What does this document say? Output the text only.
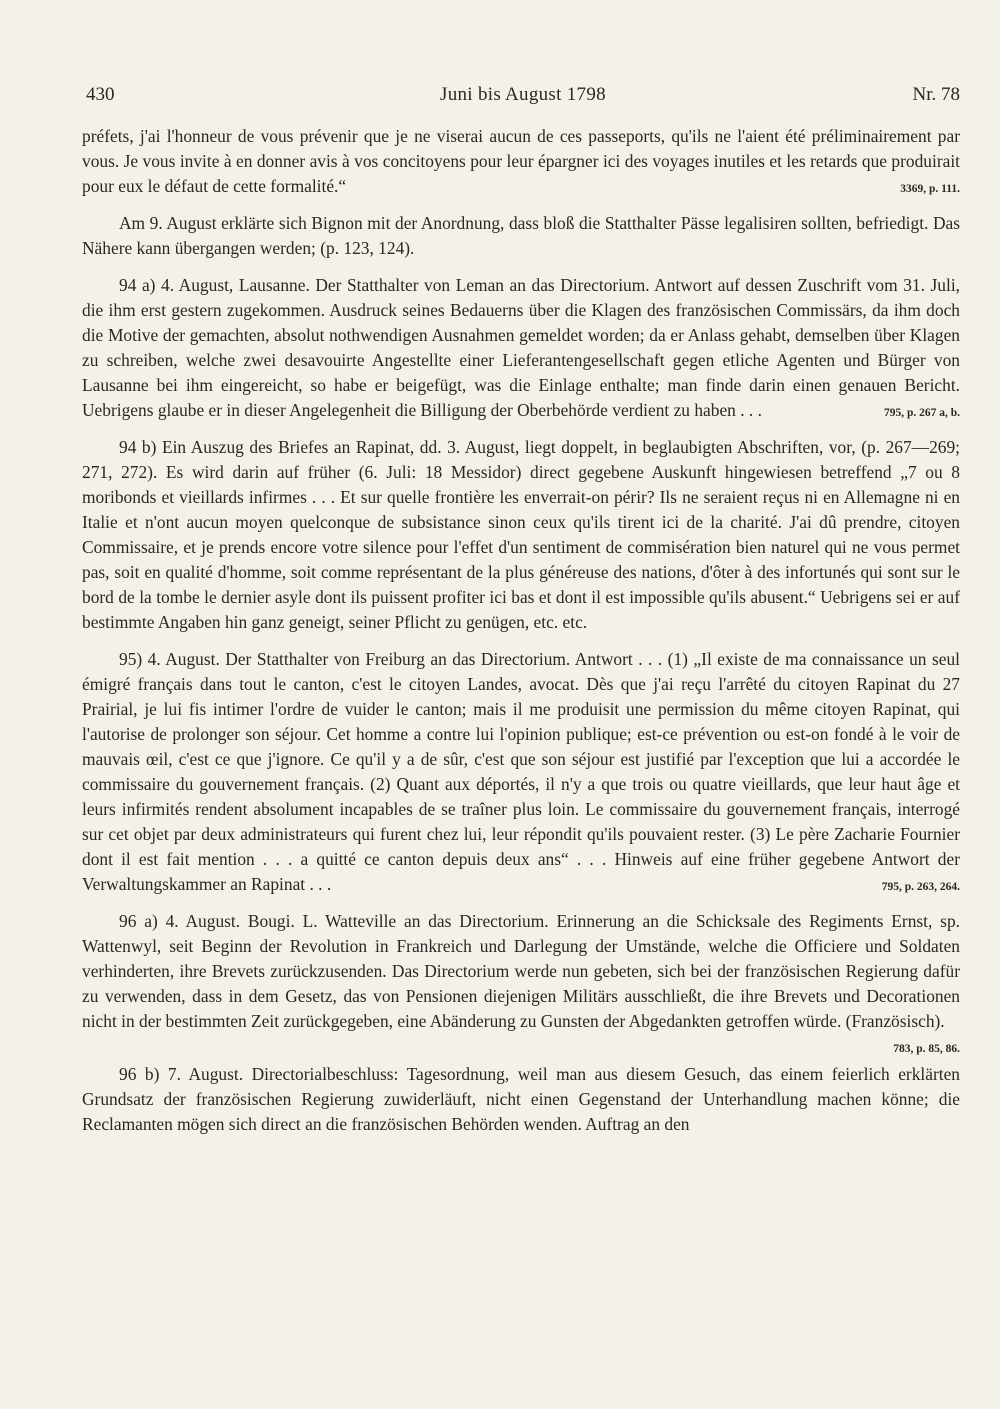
430	Juni bis August 1798	Nr. 78

préfets, j'ai l'honneur de vous prévenir que je ne viserai aucun de ces passeports, qu'ils ne l'aient été préliminairement par vous. Je vous invite à en donner avis à vos concitoyens pour leur épargner ici des voyages inutiles et les retards que produirait pour eux le défaut de cette formalité.“	3369, p. 111.

Am 9. August erklärte sich Bignon mit der Anordnung, dass bloß die Statthalter Pässe legalisiren sollten, befriedigt. Das Nähere kann übergangen werden; (p. 123, 124).

94 a) 4. August, Lausanne. Der Statthalter von Leman an das Directorium. Antwort auf dessen Zuschrift vom 31. Juli, die ihm erst gestern zugekommen. Ausdruck seines Bedauerns über die Klagen des französischen Commissärs, da ihm doch die Motive der gemachten, absolut nothwendigen Ausnahmen gemeldet worden; da er Anlass gehabt, demselben über Klagen zu schreiben, welche zwei desavouirte Angestellte einer Lieferantengesellschaft gegen etliche Agenten und Bürger von Lausanne bei ihm eingereicht, so habe er beigefügt, was die Einlage enthalte; man finde darin einen genauen Bericht. Uebrigens glaube er in dieser Angelegenheit die Billigung der Oberbehörde verdient zu haben . . .	795, p. 267 a, b.

94 b) Ein Auszug des Briefes an Rapinat, dd. 3. August, liegt doppelt, in beglaubigten Abschriften, vor, (p. 267—269; 271, 272). Es wird darin auf früher (6. Juli: 18 Messidor) direct gegebene Auskunft hingewiesen betreffend „7 ou 8 moribonds et vieillards infirmes . . . Et sur quelle frontière les enverrait-on périr? Ils ne seraient reçus ni en Allemagne ni en Italie et n'ont aucun moyen quelconque de subsistance sinon ceux qu'ils tirent ici de la charité. J'ai dû prendre, citoyen Commissaire, et je prends encore votre silence pour l'effet d'un sentiment de commisération bien naturel qui ne vous permet pas, soit en qualité d'homme, soit comme représentant de la plus généreuse des nations, d'ôter à des infortunés qui sont sur le bord de la tombe le dernier asyle dont ils puissent profiter ici bas et dont il est impossible qu'ils abusent.“ Uebrigens sei er auf bestimmte Angaben hin ganz geneigt, seiner Pflicht zu genügen, etc. etc.

95) 4. August. Der Statthalter von Freiburg an das Directorium. Antwort . . . (1) „Il existe de ma connaissance un seul émigré français dans tout le canton, c'est le citoyen Landes, avocat. Dès que j'ai reçu l'arrêté du citoyen Rapinat du 27 Prairial, je lui fis intimer l'ordre de vuider le canton; mais il me produisit une permission du même citoyen Rapinat, qui l'autorise de prolonger son séjour. Cet homme a contre lui l'opinion publique; est-ce prévention ou est-on fondé à le voir de mauvais œil, c'est ce que j'ignore. Ce qu'il y a de sûr, c'est que son séjour est justifié par l'exception que lui a accordée le commissaire du gouvernement français. (2) Quant aux déportés, il n'y a que trois ou quatre vieillards, que leur haut âge et leurs infirmités rendent absolument incapables de se traîner plus loin. Le commissaire du gouvernement français, interrogé sur cet objet par deux administrateurs qui furent chez lui, leur répondit qu'ils pouvaient rester. (3) Le père Zacharie Fournier dont il est fait mention . . . a quitté ce canton depuis deux ans“ . . . Hinweis auf eine früher gegebene Antwort der Verwaltungskammer an Rapinat . . .	795, p. 263, 264.

96 a) 4. August. Bougi. L. Watteville an das Directorium. Erinnerung an die Schicksale des Regiments Ernst, sp. Wattenwyl, seit Beginn der Revolution in Frankreich und Darlegung der Umstände, welche die Officiere und Soldaten verhinderten, ihre Brevets zurückzusenden. Das Directorium werde nun gebeten, sich bei der französischen Regierung dafür zu verwenden, dass in dem Gesetz, das von Pensionen diejenigen Militärs ausschließt, die ihre Brevets und Decorationen nicht in der bestimmten Zeit zurückgegeben, eine Abänderung zu Gunsten der Abgedankten getroffen würde. (Französisch).
783, p. 85, 86.

96 b) 7. August. Directorialbeschluss: Tagesordnung, weil man aus diesem Gesuch, das einem feierlich erklärten Grundsatz der französischen Regierung zuwiderläuft, nicht einen Gegenstand der Unterhandlung machen könne; die Reclamanten mögen sich direct an die französischen Behörden wenden. Auftrag an den
